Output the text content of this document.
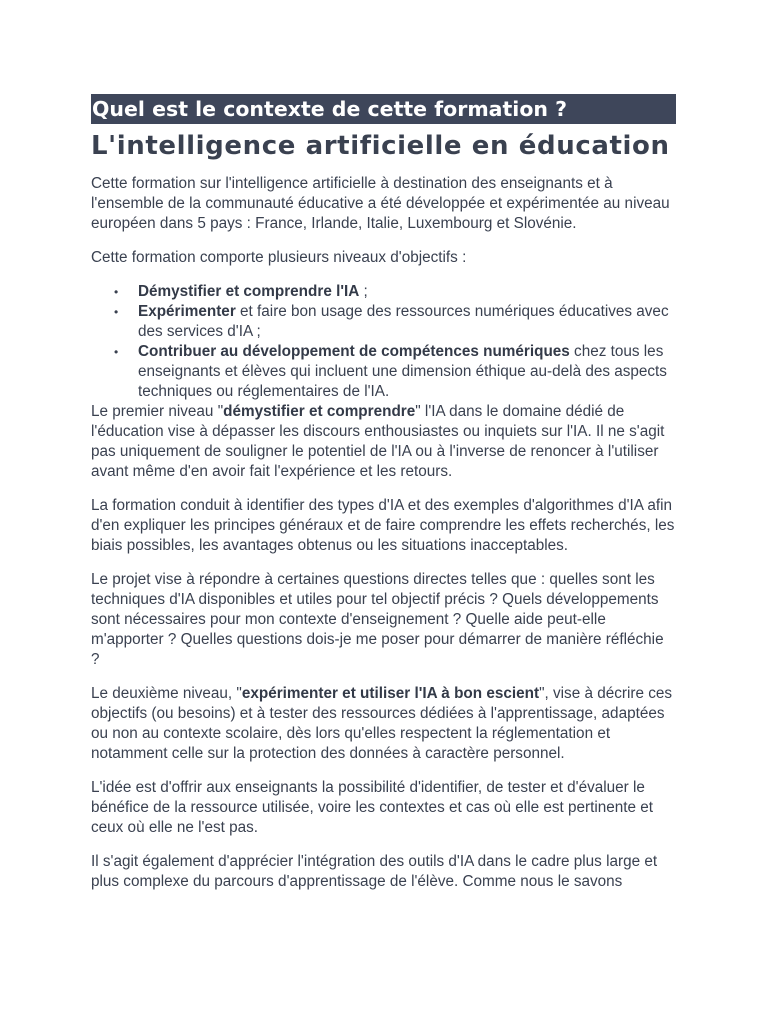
Quel est le contexte de cette formation ?
L'intelligence artificielle en éducation

Cette formation sur l'intelligence artificielle à destination des enseignants et à l'ensemble de la communauté éducative a été développée et expérimentée au niveau européen dans 5 pays : France, Irlande, Italie, Luxembourg et Slovénie.

Cette formation comporte plusieurs niveaux d'objectifs :

• Démystifier et comprendre l'IA ;
• Expérimenter et faire bon usage des ressources numériques éducatives avec des services d'IA ;
• Contribuer au développement de compétences numériques chez tous les enseignants et élèves qui incluent une dimension éthique au-delà des aspects techniques ou réglementaires de l'IA.

Le premier niveau "démystifier et comprendre" l'IA dans le domaine dédié de l'éducation vise à dépasser les discours enthousiastes ou inquiets sur l'IA. Il ne s'agit pas uniquement de souligner le potentiel de l'IA ou à l'inverse de renoncer à l'utiliser avant même d'en avoir fait l'expérience et les retours.

La formation conduit à identifier des types d'IA et des exemples d'algorithmes d'IA afin d'en expliquer les principes généraux et de faire comprendre les effets recherchés, les biais possibles, les avantages obtenus ou les situations inacceptables.

Le projet vise à répondre à certaines questions directes telles que : quelles sont les techniques d'IA disponibles et utiles pour tel objectif précis ? Quels développements sont nécessaires pour mon contexte d'enseignement ? Quelle aide peut-elle m'apporter ? Quelles questions dois-je me poser pour démarrer de manière réfléchie ?

Le deuxième niveau, "expérimenter et utiliser l'IA à bon escient", vise à décrire ces objectifs (ou besoins) et à tester des ressources dédiées à l'apprentissage, adaptées ou non au contexte scolaire, dès lors qu'elles respectent la réglementation et notamment celle sur la protection des données à caractère personnel.

L'idée est d'offrir aux enseignants la possibilité d'identifier, de tester et d'évaluer le bénéfice de la ressource utilisée, voire les contextes et cas où elle est pertinente et ceux où elle ne l'est pas.

Il s'agit également d'apprécier l'intégration des outils d'IA dans le cadre plus large et plus complexe du parcours d'apprentissage de l'élève. Comme nous le savons
